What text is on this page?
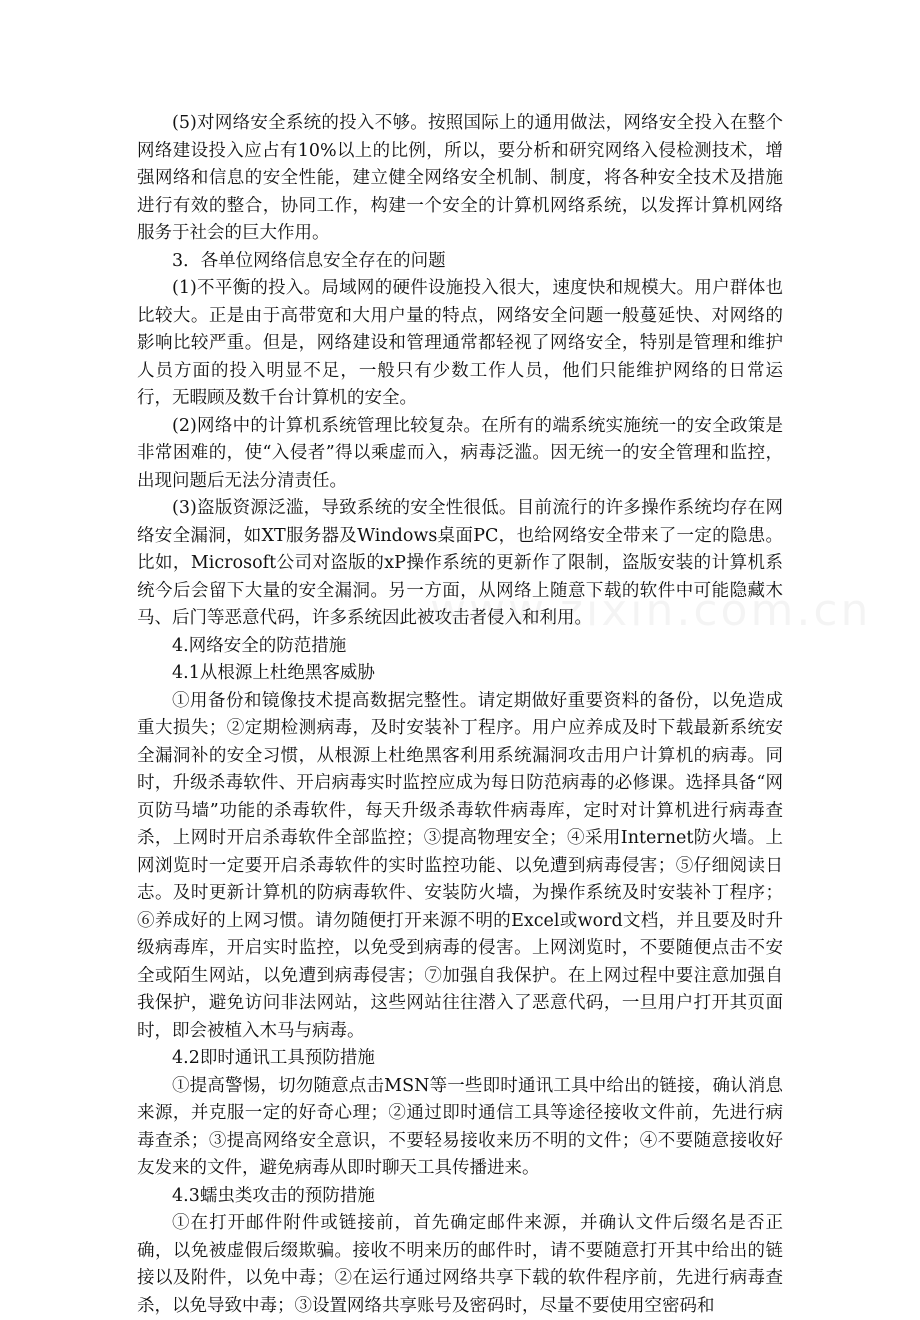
(5)对网络安全系统的投入不够。按照国际上的通用做法，网络安全投入在整个网络建设投入应占有10%以上的比例，所以，要分析和研究网络入侵检测技术，增强网络和信息的安全性能，建立健全网络安全机制、制度，将各种安全技术及措施进行有效的整合，协同工作，构建一个安全的计算机网络系统，以发挥计算机网络服务于社会的巨大作用。

3．各单位网络信息安全存在的问题

(1)不平衡的投入。局域网的硬件设施投入很大，速度快和规模大。用户群体也比较大。正是由于高带宽和大用户量的特点，网络安全问题一般蔓延快、对网络的影响比较严重。但是，网络建设和管理通常都轻视了网络安全，特别是管理和维护人员方面的投入明显不足，一般只有少数工作人员，他们只能维护网络的日常运行，无暇顾及数千台计算机的安全。

(2)网络中的计算机系统管理比较复杂。在所有的端系统实施统一的安全政策是非常困难的，使“入侵者”得以乘虚而入，病毒泛滥。因无统一的安全管理和监控，出现问题后无法分清责任。

(3)盗版资源泛滥，导致系统的安全性很低。目前流行的许多操作系统均存在网络安全漏洞，如XT服务器及Windows桌面PC，也给网络安全带来了一定的隐患。比如，Microsoft公司对盗版的xP操作系统的更新作了限制，盗版安装的计算机系统今后会留下大量的安全漏洞。另一方面，从网络上随意下载的软件中可能隐藏木马、后门等恶意代码，许多系统因此被攻击者侵入和利用。

4.网络安全的防范措施

4.1从根源上杜绝黑客威胁

①用备份和镜像技术提高数据完整性。请定期做好重要资料的备份，以免造成重大损失；②定期检测病毒，及时安装补丁程序。用户应养成及时下载最新系统安全漏洞补的安全习惯，从根源上杜绝黑客利用系统漏洞攻击用户计算机的病毒。同时，升级杀毒软件、开启病毒实时监控应成为每日防范病毒的必修课。选择具备“网页防马墙”功能的杀毒软件，每天升级杀毒软件病毒库，定时对计算机进行病毒查杀，上网时开启杀毒软件全部监控；③提高物理安全；④采用Internet防火墙。上网浏览时一定要开启杀毒软件的实时监控功能、以免遭到病毒侵害；⑤仔细阅读日志。及时更新计算机的防病毒软件、安装防火墙，为操作系统及时安装补丁程序；⑥养成好的上网习惯。请勿随便打开来源不明的Excel或word文档，并且要及时升级病毒库，开启实时监控，以免受到病毒的侵害。上网浏览时，不要随便点击不安全或陌生网站，以免遭到病毒侵害；⑦加强自我保护。在上网过程中要注意加强自我保护，避免访问非法网站，这些网站往往潜入了恶意代码，一旦用户打开其页面时，即会被植入木马与病毒。

4.2即时通讯工具预防措施

①提高警惕，切勿随意点击MSN等一些即时通讯工具中给出的链接，确认消息来源，并克服一定的好奇心理；②通过即时通信工具等途径接收文件前，先进行病毒查杀；③提高网络安全意识，不要轻易接收来历不明的文件；④不要随意接收好友发来的文件，避免病毒从即时聊天工具传播进来。

4.3蠕虫类攻击的预防措施

①在打开邮件附件或链接前，首先确定邮件来源，并确认文件后缀名是否正确，以免被虚假后缀欺骗。接收不明来历的邮件时，请不要随意打开其中给出的链接以及附件，以免中毒；②在运行通过网络共享下载的软件程序前，先进行病毒查杀，以免导致中毒；③设置网络共享账号及密码时，尽量不要使用空密码和
